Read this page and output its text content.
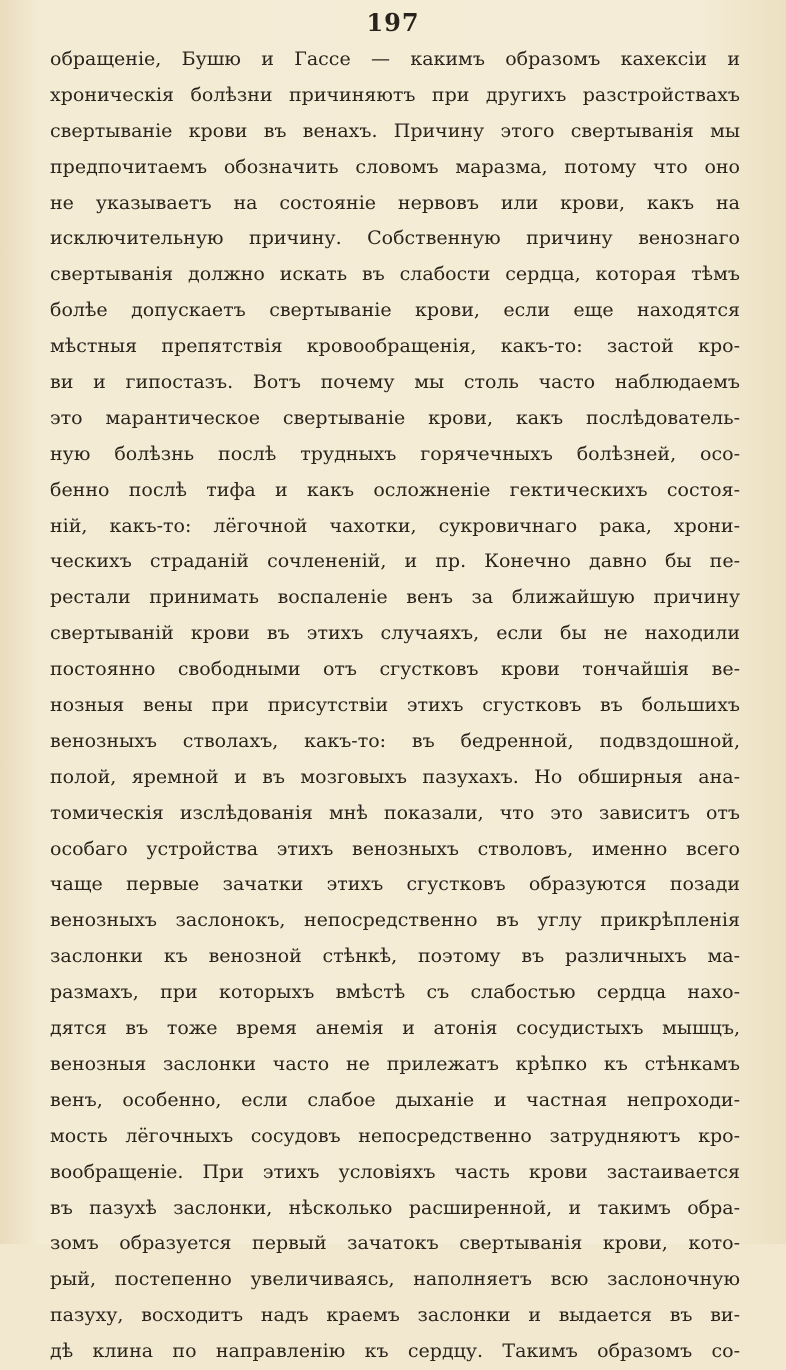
197
обращеніе, Бушю и Гассе — какимъ образомъ кахексіи и
хроническія болѣзни причиняютъ при другихъ разстройствахъ
свертываніе крови въ венахъ. Причину этого свертыванія мы
предпочитаемъ обозначить словомъ марaзма, потому что оно
не указываетъ на состояніе нервовъ или крови, какъ на
исключительную причину. Собственную причину венознаго
свертыванія должно искать въ слабости сердца, которая тѣмъ
болѣе допускаетъ свертываніе крови, если еще находятся
мѣстныя препятствія кровообращенія, какъ-то: застой кро-
ви и гипостазъ. Вотъ почему мы столь часто наблюдаемъ
это марантическое свертываніе крови, какъ послѣдователь-
ную болѣзнь послѣ трудныхъ горячечныхъ болѣзней, осо-
бенно послѣ тифа и какъ осложненіе гектическихъ состоя-
ній, какъ-то: лёгочной чахотки, сукровичнаго рака, хрони-
ческихъ страданій сочлененій, и пр. Конечно давно бы пе-
рестали принимать воспаленіе венъ за ближайшую причину
свертыванiй крови въ этихъ случаяхъ, если бы не находили
постоянно свободными отъ сгустковъ крови тончайшія ве-
нозныя вены при присутствіи этихъ сгустковъ въ большихъ
венозныхъ стволахъ, какъ-то: въ бедренной, подвздошной,
полой, яремной и въ мозговыхъ пазухахъ. Но обширныя ана-
томическія изслѣдованія мнѣ показали, что это зависитъ отъ
особаго устройства этихъ венозныхъ стволовъ, именно всего
чаще первые зачатки этихъ сгустковъ образуются позади
венозныхъ заслонокъ, непосредственно въ углу прикрѣпленія
заслонки къ венозной стѣнкѣ, поэтому въ различныхъ ма-
размахъ, при которыхъ вмѣстѣ съ слабостью сердца нахо-
дятся въ тоже время анемія и атонія сосудистыхъ мышцъ,
венозныя заслонки часто не прилежатъ крѣпко къ стѣнкамъ
венъ, особенно, если слабое дыханіе и частная непроходи-
мость лёгочныхъ сосудовъ непосредственно затрудняютъ кро-
вообращеніе. При этихъ условіяхъ часть крови застаивается
въ пазухѣ заслонки, нѣсколько расширенной, и такимъ обра-
зомъ образуется первый зачатокъ свертыванія крови, кото-
рый, постепенно увеличиваясь, наполняетъ всю заслоночную
пазуху, восходитъ надъ краемъ заслонки и выдается въ ви-
дѣ клина по направленію къ сердцу. Такимъ образомъ со-
